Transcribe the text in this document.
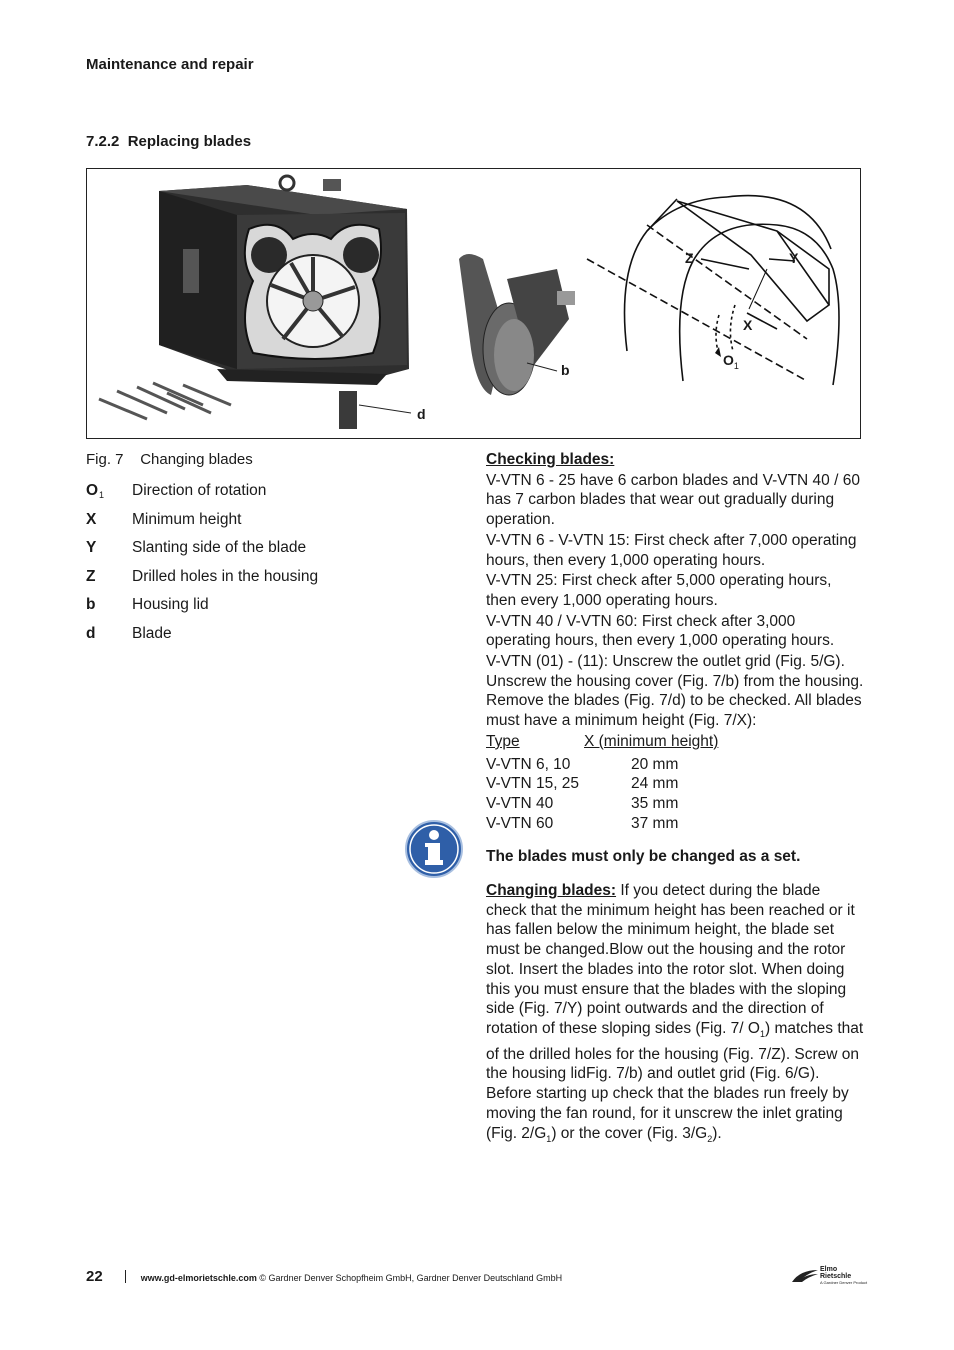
Maintenance and repair
7.2.2 Replacing blades
d
b
Z	Y
X
$O_1$
Fig. 7 Changing blades
O 1 Direction of rotation
X Minimum height
Y Slanting side of the blade
Z Drilled holes in the housing
b Housing lid
d Blade

Checking blades:

V-VTN 6 - 25 have 6 carbon blades and V-VTN 40 / 60 has 7 carbon blades that wear out gradually during operation.

V-VTN 6 - V-VTN 15: First check after 7,000 operating hours, then every 1,000 operating hours.

V-VTN 25: First check after 5,000 operating hours, then every 1,000 operating hours.

V-VTN 40 / V-VTN 60: First check after 3,000 operating hours, then every 1,000 operating hours.

V-VTN (01) - (11): Unscrew the outlet grid (Fig. 5/G). Unscrew the housing cover (Fig. 7/b) from the housing. Remove the blades (Fig. 7/d) to be checked. All blades must have a minimum height (Fig. 7/X):

Type	X (minimum height)
V-VTN 6, 10	20 mm
V-VTN 15, 25	24 mm
V-VTN 40	35 mm
V-VTN 60	37 mm

The blades must only be changed as a set.

Changing blades: If you detect during the blade check that the minimum height has been reached or it has fallen below the minimum height, the blade set must be changed.Blow out the housing and the rotor slot. Insert the blades into the rotor slot. When doing this you must ensure that the blades with the sloping side (Fig. 7/Y) point outwards and the direction of rotation of these sloping sides (Fig. 7/ $O_1$) matches that of the drilled holes for the housing (Fig. 7/Z). Screw on the housing lidFig. 7/b) and outlet grid (Fig. 6/G). Before starting up check that the blades run freely by moving the fan round, for it unscrew the inlet grating (Fig. $2/G_1$) or the cover (Fig. $3/G_2$).

22	www.gd-elmorietschle.com © Gardner Denver Schopfheim GmbH, Gardner Denver Deutschland GmbH
Elmo
Rietschle
A Gardner Denver Product
